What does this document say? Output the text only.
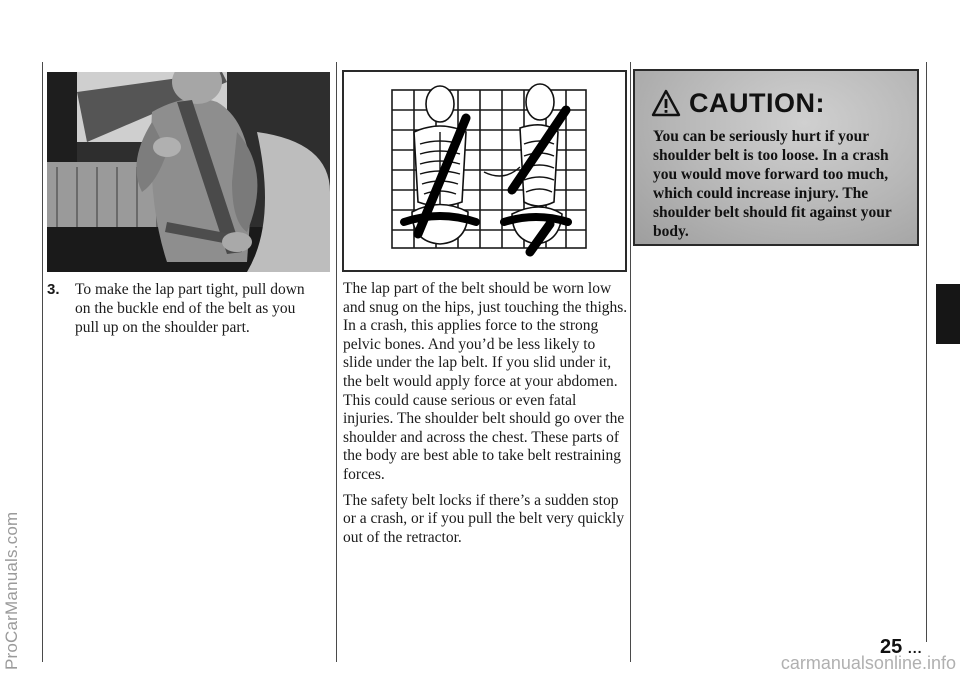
ProCarManuals.com	carmanualsonline.info
3. To make the lap part tight, pull down on the buckle end of the belt as you pull up on the shoulder part.

The lap part of the belt should be worn low and snug on the hips, just touching the thighs. In a crash, this applies force to the strong pelvic bones. And you’d be less likely to slide under the lap belt. If you slid under it, the belt would apply force at your abdomen. This could cause serious or even fatal injuries. The shoulder belt should go over the shoulder and across the chest. These parts of the body are best able to take belt restraining forces.

The safety belt locks if there’s a sudden stop or a crash, or if you pull the belt very quickly out of the retractor.

CAUTION:
You can be seriously hurt if your shoulder belt is too loose. In a crash you would move forward too much, which could increase injury. The shoulder belt should fit against your body.
25 ...
